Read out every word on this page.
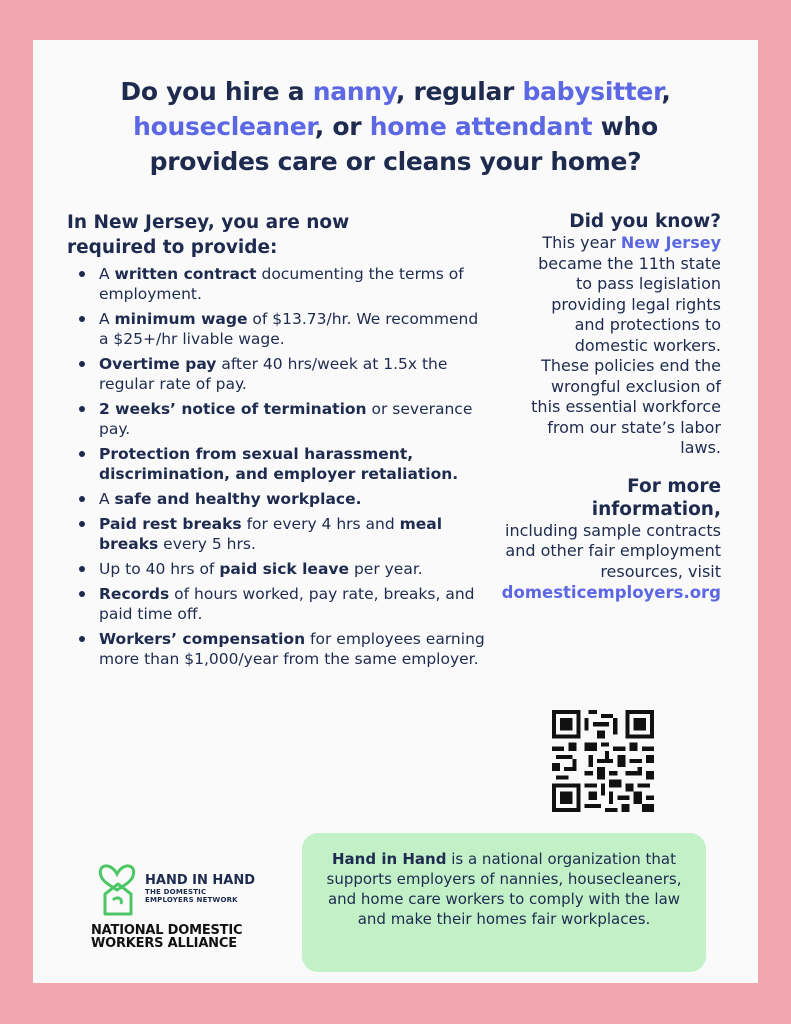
Do you hire a nanny, regular babysitter,
housecleaner, or home attendant who
provides care or cleans your home?
In New Jersey, you are now
required to provide:
A written contract documenting the terms of employment.
A minimum wage of $13.73/hr. We recommend a $25+/hr livable wage.
Overtime pay after 40 hrs/week at 1.5x the regular rate of pay.
2 weeks’ notice of termination or severance pay.
Protection from sexual harassment, discrimination, and employer retaliation.
A safe and healthy workplace.
Paid rest breaks for every 4 hrs and meal breaks every 5 hrs.
Up to 40 hrs of paid sick leave per year.
Records of hours worked, pay rate, breaks, and paid time off.
Workers’ compensation for employees earning more than $1,000/year from the same employer.
Did you know?
This year New Jersey
became the 11th state
to pass legislation
providing legal rights
and protections to
domestic workers.
These policies end the
wrongful exclusion of
this essential workforce
from our state’s labor
laws.
For more
information,
including sample contracts
and other fair employment
resources, visit
domesticemployers.org
HAND IN HAND
THE DOMESTIC
EMPLOYERS NETWORK
NATIONAL DOMESTIC
WORKERS ALLIANCE
Hand in Hand is a national organization that supports employers of nannies, housecleaners, and home care workers to comply with the law and make their homes fair workplaces.
